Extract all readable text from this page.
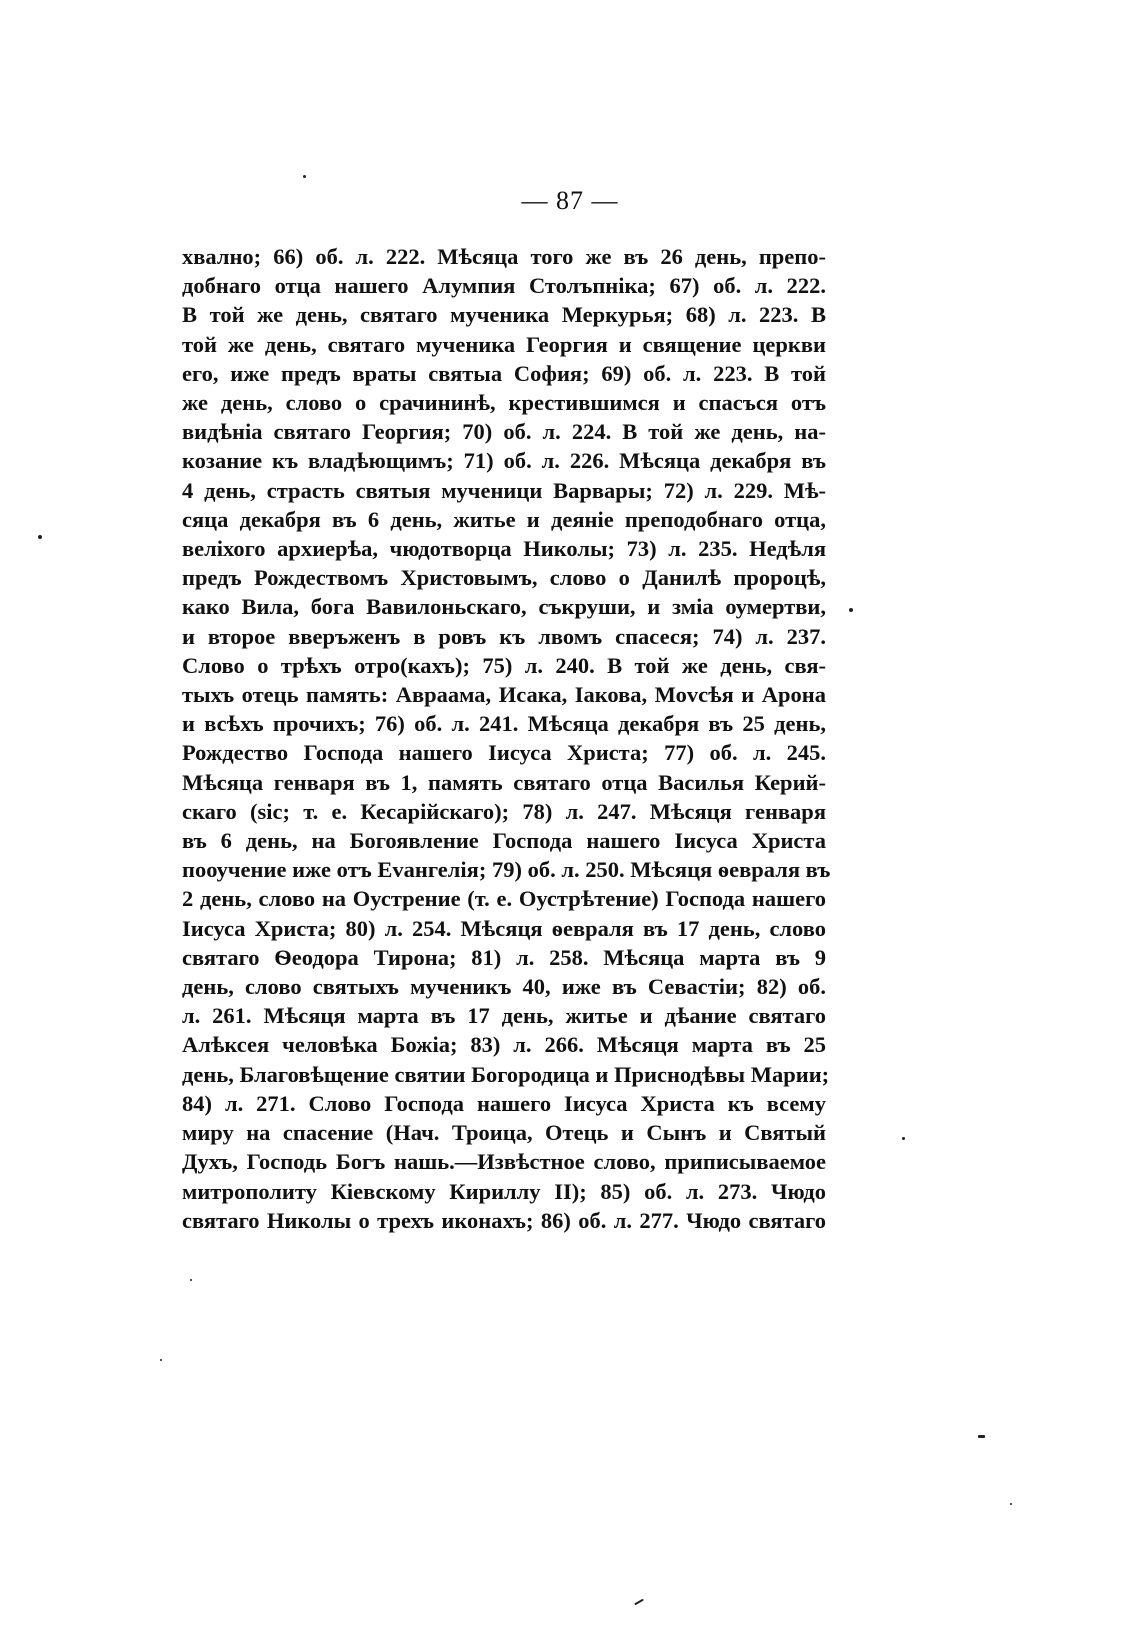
— 87 —
хвално; 66) об. л. 222. Мѣсяца того же въ 26 день, препо-
добнаго отца нашего Алумпия Столъпніка; 67) об. л. 222.
В той же день, святаго мученика Меркурья; 68) л. 223. В
той же день, святаго мученика Георгия и священие церкви
его, иже предъ враты святыа София; 69) об. л. 223. В той
же день, слово о срачининѣ, крестившимся и спасъся отъ
видѣнiа святаго Георгия; 70) об. л. 224. В той же день, на-
козание къ владѣющимъ; 71) об. л. 226. Мѣсяца декабря въ
4 день, страсть святыя мученици Варвары; 72) л. 229. Мѣ-
сяца декабря въ 6 день, житье и деяніе преподобнаго отца,
веліхого архиерѣа, чюдотворца Николы; 73) л. 235. Недѣля
предъ Рождествомъ Христовымъ, слово о Данилѣ пророцѣ,
како Вила, бога Вавилоньскаго, съкруши, и змiа оумертви,
и второе вверъженъ в ровъ къ лвомъ спасеся; 74) л. 237.
Слово о трѣхъ отро(кахъ); 75) л. 240. В той же день, свя-
тыхъ отець память: Авраама, Исака, Іакова, Моvсѣя и Арона
и всѣхъ прочихъ; 76) об. л. 241. Мѣсяца декабря въ 25 день,
Рождество Господа нашего Іисуса Христа; 77) об. л. 245.
Мѣсяца генваря въ 1, память святаго отца Василья Керий-
скаго (sic; т. е. Кесарійскаго); 78) л. 247. Мѣсяця генваря
въ 6 день, на Богоявление Господа нашего Іисуса Христа
пооучение иже отъ Еvангелія; 79) об. л. 250. Мѣсяця ѳевраля въ
2 день, слово на Оустрение (т. е. Оустрѣтение) Господа нашего
Іисуса Христа; 80) л. 254. Мѣсяця ѳевраля въ 17 день, слово
святаго Ѳеодора Тирона; 81) л. 258. Мѣсяца марта въ 9
день, слово святыхъ мученикъ 40, иже въ Севастіи; 82) об.
л. 261. Мѣсяця марта въ 17 день, житье и дѣание святаго
Алѣксея человѣка Божіа; 83) л. 266. Мѣсяця марта въ 25
день, Благовѣщение святии Богородица и Приснодѣвы Марии;
84) л. 271. Слово Господа нашего Іисуса Христа къ всему
миру на спасение (Нач. Троица, Отець и Сынъ и Святый
Духъ, Господь Богъ нашь.—Извѣстное слово, приписываемое
митрополиту Кіевскому Кириллу II); 85) об. л. 273. Чюдо
святаго Николы о трехъ иконахъ; 86) об. л. 277. Чюдо святаго
